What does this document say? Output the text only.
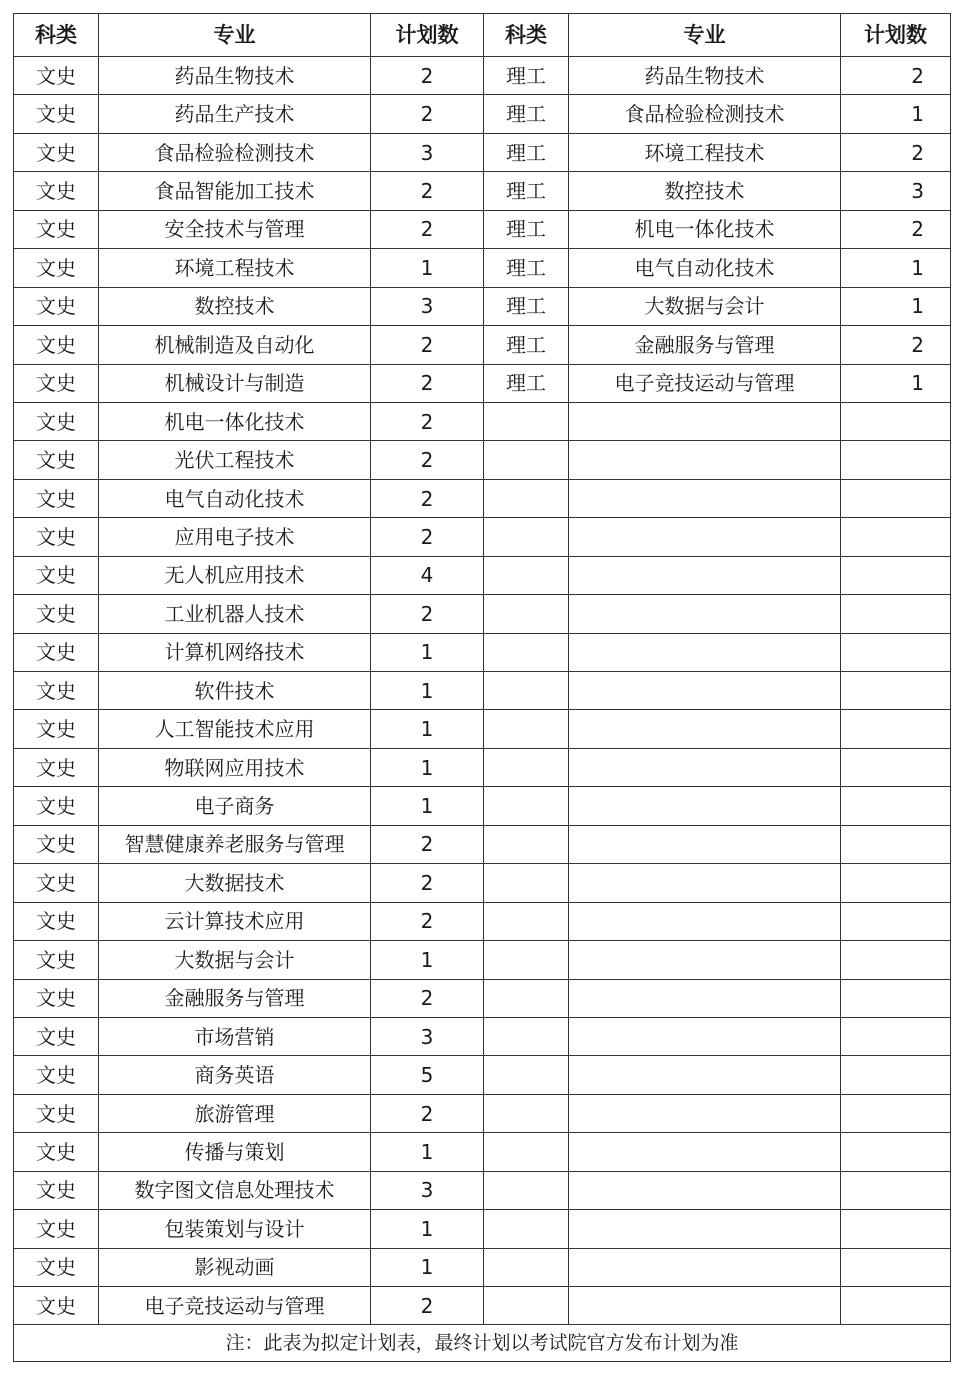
科类	专业	计划数	科类	专业	计划数
文史	药品生物技术	2	理工	药品生物技术	2
文史	药品生产技术	2	理工	食品检验检测技术	1
文史	食品检验检测技术	3	理工	环境工程技术	2
文史	食品智能加工技术	2	理工	数控技术	3
文史	安全技术与管理	2	理工	机电一体化技术	2
文史	环境工程技术	1	理工	电气自动化技术	1
文史	数控技术	3	理工	大数据与会计	1
文史	机械制造及自动化	2	理工	金融服务与管理	2
文史	机械设计与制造	2	理工	电子竞技运动与管理	1
文史	机电一体化技术	2			
文史	光伏工程技术	2			
文史	电气自动化技术	2			
文史	应用电子技术	2			
文史	无人机应用技术	4			
文史	工业机器人技术	2			
文史	计算机网络技术	1			
文史	软件技术	1			
文史	人工智能技术应用	1			
文史	物联网应用技术	1			
文史	电子商务	1			
文史	智慧健康养老服务与管理	2			
文史	大数据技术	2			
文史	云计算技术应用	2			
文史	大数据与会计	1			
文史	金融服务与管理	2			
文史	市场营销	3			
文史	商务英语	5			
文史	旅游管理	2			
文史	传播与策划	1			
文史	数字图文信息处理技术	3			
文史	包装策划与设计	1			
文史	影视动画	1			
文史	电子竞技运动与管理	2			
注：此表为拟定计划表，最终计划以考试院官方发布计划为准					
